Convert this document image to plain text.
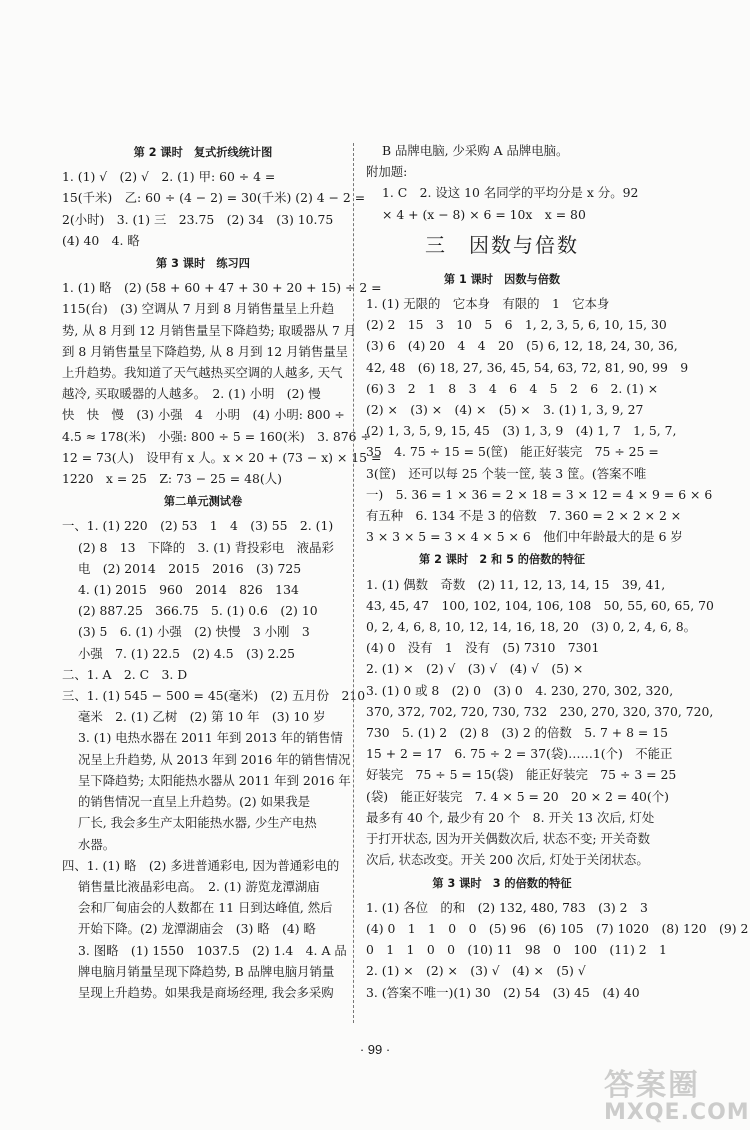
第 2 课时　复式折线统计图
1. (1) √　(2) √　2. (1) 甲: 60 ÷ 4 =
15(千米)　乙: 60 ÷ (4 − 2) = 30(千米) (2) 4 − 2 =
2(小时)　3. (1) 三　23.75　(2) 34　(3) 10.75
(4) 40　4. 略
第 3 课时　练习四
1. (1) 略　(2) (58 + 60 + 47 + 30 + 20 + 15) ÷ 2 =
115(台)　(3) 空调从 7 月到 8 月销售量呈上升趋
势, 从 8 月到 12 月销售量呈下降趋势; 取暖器从 7 月
到 8 月销售量呈下降趋势, 从 8 月到 12 月销售量呈
上升趋势。我知道了天气越热买空调的人越多, 天气
越冷, 买取暖器的人越多。　2. (1) 小明　(2) 慢
快　快　慢　(3) 小强　4　小明　(4) 小明: 800 ÷
4.5 ≈ 178(米)　小强: 800 ÷ 5 = 160(米)　3. 876 ÷
12 = 73(人)　设甲有 x 人。x × 20 + (73 − x) × 15 =
1220　x = 25　Z: 73 − 25 = 48(人)
第二单元测试卷
一、1. (1) 220　(2) 53　1　4　(3) 55　2. (1)
(2) 8　13　下降的　3. (1) 背投彩电　液晶彩
电　(2) 2014　2015　2016　(3) 725
4. (1) 2015　960　2014　826　134
(2) 887.25　366.75　5. (1) 0.6　(2) 10
(3) 5　6. (1) 小强　(2) 快慢　3 小刚　3
小强　7. (1) 22.5　(2) 4.5　(3) 2.25
二、1. A　2. C　3. D
三、1. (1) 545 − 500 = 45(毫米)　(2) 五月份　210
毫米　2. (1) 乙树　(2) 第 10 年　(3) 10 岁
3. (1) 电热水器在 2011 年到 2013 年的销售情
况呈上升趋势, 从 2013 年到 2016 年的销售情况
呈下降趋势; 太阳能热水器从 2011 年到 2016 年
的销售情况一直呈上升趋势。(2) 如果我是
厂长, 我会多生产太阳能热水器, 少生产电热
水器。
四、1. (1) 略　(2) 多进普通彩电, 因为普通彩电的
销售量比液晶彩电高。　2. (1) 游览龙潭湖庙
会和厂甸庙会的人数都在 11 日到达峰值, 然后
开始下降。(2) 龙潭湖庙会　(3) 略　(4) 略
3. 图略　(1) 1550　1037.5　(2) 1.4　4. A 品
牌电脑月销量呈现下降趋势, B 品牌电脑月销量
呈现上升趋势。如果我是商场经理, 我会多采购
B 品牌电脑, 少采购 A 品牌电脑。
附加题:
1. C　2. 设这 10 名同学的平均分是 x 分。92
× 4 + (x − 8) × 6 = 10x　x = 80
三　因数与倍数
第 1 课时　因数与倍数
1. (1) 无限的　它本身　有限的　1　它本身
(2) 2　15　3　10　5　6　1, 2, 3, 5, 6, 10, 15, 30
(3) 6　(4) 20　4　4　20　(5) 6, 12, 18, 24, 30, 36,
42, 48　(6) 18, 27, 36, 45, 54, 63, 72, 81, 90, 99　9
(6) 3　2　1　8　3　4　6　4　5　2　6　2. (1) ×
(2) ×　(3) ×　(4) ×　(5) ×　3. (1) 1, 3, 9, 27
(2) 1, 3, 5, 9, 15, 45　(3) 1, 3, 9　(4) 1, 7　1, 5, 7,
35　4. 75 ÷ 15 = 5(筐)　能正好装完　75 ÷ 25 =
3(筐)　还可以每 25 个装一筐, 装 3 筐。(答案不唯
一)　5. 36 = 1 × 36 = 2 × 18 = 3 × 12 = 4 × 9 = 6 × 6
有五种　6. 134 不是 3 的倍数　7. 360 = 2 × 2 × 2 ×
3 × 3 × 5 = 3 × 4 × 5 × 6　他们中年龄最大的是 6 岁
第 2 课时　2 和 5 的倍数的特征
1. (1) 偶数　奇数　(2) 11, 12, 13, 14, 15　39, 41,
43, 45, 47　100, 102, 104, 106, 108　50, 55, 60, 65, 70
0, 2, 4, 6, 8, 10, 12, 14, 16, 18, 20　(3) 0, 2, 4, 6, 8。
(4) 0　没有　1　没有　(5) 7310　7301
2. (1) ×　(2) √　(3) √　(4) √　(5) ×
3. (1) 0 或 8　(2) 0　(3) 0　4. 230, 270, 302, 320,
370, 372, 702, 720, 730, 732　230, 270, 320, 370, 720,
730　5. (1) 2　(2) 8　(3) 2 的倍数　5. 7 + 8 = 15
15 + 2 = 17　6. 75 ÷ 2 = 37(袋)……1(个)　不能正
好装完　75 ÷ 5 = 15(袋)　能正好装完　75 ÷ 3 = 25
(袋)　能正好装完　7. 4 × 5 = 20　20 × 2 = 40(个)
最多有 40 个, 最少有 20 个　8. 开关 13 次后, 灯处
于打开状态, 因为开关偶数次后, 状态不变; 开关奇数
次后, 状态改变。开关 200 次后, 灯处于关闭状态。
第 3 课时　3 的倍数的特征
1. (1) 各位　的和　(2) 132, 480, 783　(3) 2　3
(4) 0　1　1　0　0　(5) 96　(6) 105　(7) 1020　(8) 120　(9) 2
0　1　1　0　0　(10) 11　98　0　100　(11) 2　1
2. (1) ×　(2) ×　(3) √　(4) ×　(5) √
3. (答案不唯一)(1) 30　(2) 54　(3) 45　(4) 40
· 99 ·
答案圈
MXQE.COM
